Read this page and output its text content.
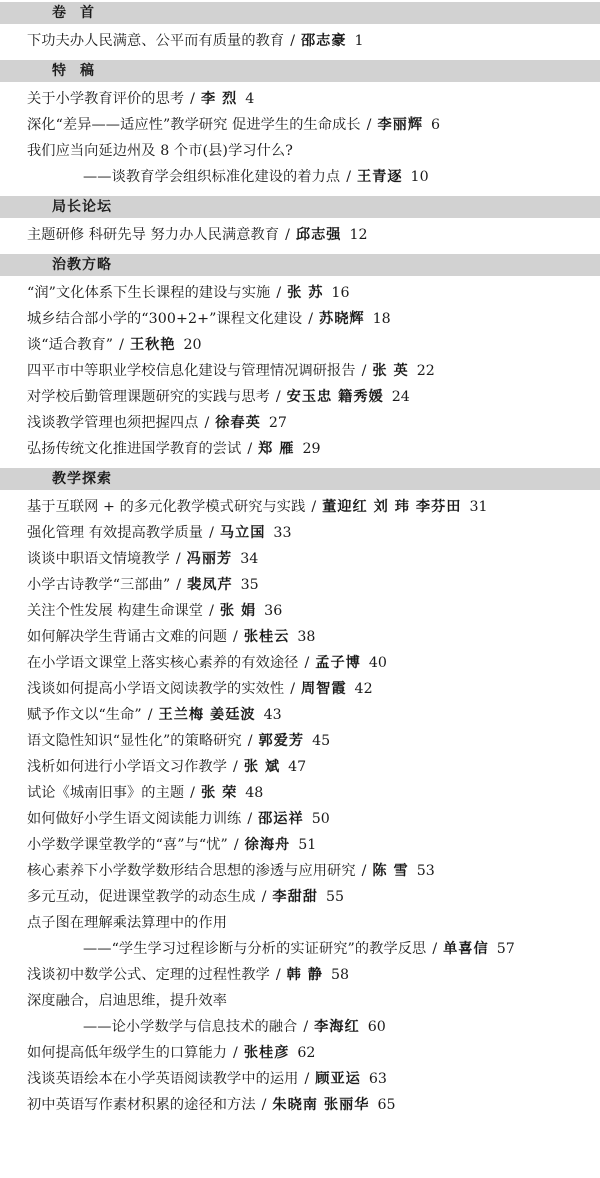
卷首
下功夫办人民满意、公平而有质量的教育 / 邵志豪 1
特稿
关于小学教育评价的思考 / 李 烈 4
深化“差异——适应性”教学研究 促进学生的生命成长 / 李丽辉 6
我们应当向延边州及 8 个市(县)学习什么?
——谈教育学会组织标准化建设的着力点 / 王青逐 10
局长论坛
主题研修 科研先导 努力办人民满意教育 / 邱志强 12
治教方略
“润”文化体系下生长课程的建设与实施 / 张 苏 16
城乡结合部小学的“300+2+”课程文化建设 / 苏晓辉 18
谈“适合教育” / 王秋艳 20
四平市中等职业学校信息化建设与管理情况调研报告 / 张 英 22
对学校后勤管理课题研究的实践与思考 / 安玉忠 籍秀媛 24
浅谈教学管理也须把握四点 / 徐春英 27
弘扬传统文化推进国学教育的尝试 / 郑 雁 29
教学探索
基于互联网 + 的多元化教学模式研究与实践 / 董迎红 刘 玮 李芬田 31
强化管理 有效提高教学质量 / 马立国 33
谈谈中职语文情境教学 / 冯丽芳 34
小学古诗教学“三部曲” / 裴凤芹 35
关注个性发展 构建生命课堂 / 张 娟 36
如何解决学生背诵古文难的问题 / 张桂云 38
在小学语文课堂上落实核心素养的有效途径 / 孟子博 40
浅谈如何提高小学语文阅读教学的实效性 / 周智霞 42
赋予作文以“生命” / 王兰梅 姜廷波 43
语文隐性知识“显性化”的策略研究 / 郭爱芳 45
浅析如何进行小学语文习作教学 / 张 斌 47
试论《城南旧事》的主题 / 张 荣 48
如何做好小学生语文阅读能力训练 / 邵运祥 50
小学数学课堂教学的“喜”与“忧” / 徐海舟 51
核心素养下小学数学数形结合思想的渗透与应用研究 / 陈 雪 53
多元互动，促进课堂教学的动态生成 / 李甜甜 55
点子图在理解乘法算理中的作用
——“学生学习过程诊断与分析的实证研究”的教学反思 / 单喜信 57
浅谈初中数学公式、定理的过程性教学 / 韩 静 58
深度融合，启迪思维，提升效率
——论小学数学与信息技术的融合 / 李海红 60
如何提高低年级学生的口算能力 / 张桂彦 62
浅谈英语绘本在小学英语阅读教学中的运用 / 顾亚运 63
初中英语写作素材积累的途径和方法 / 朱晓南 张丽华 65
